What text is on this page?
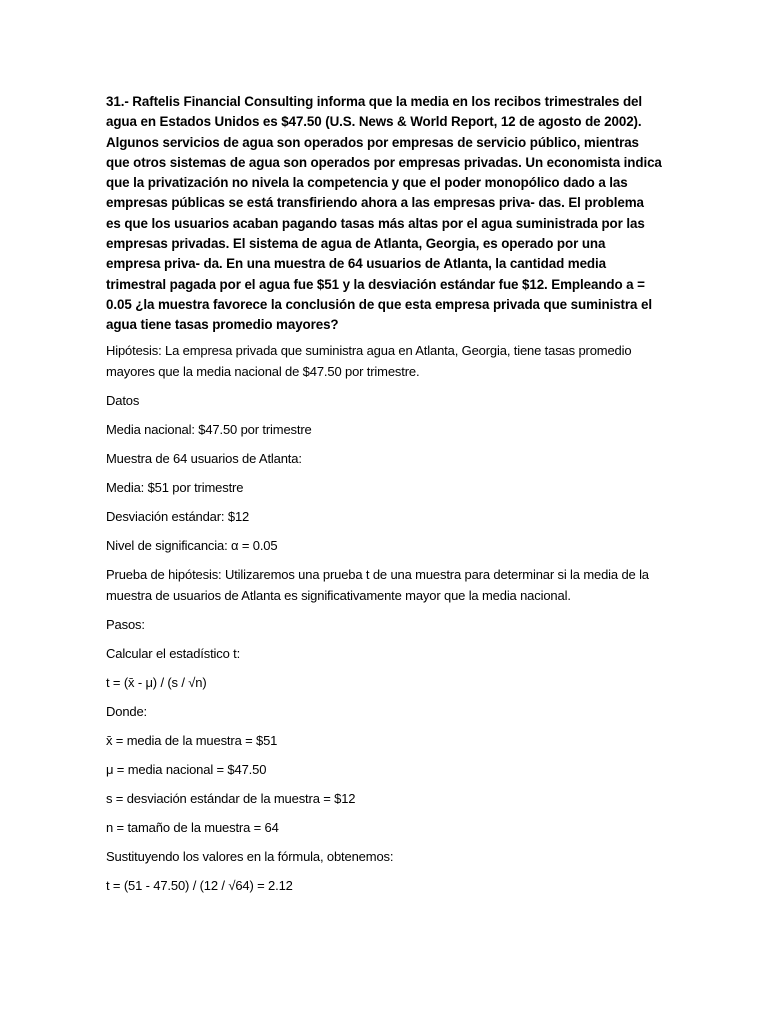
31.- Raftelis Financial Consulting informa que la media en los recibos trimestrales del agua en Estados Unidos es $47.50 (U.S. News & World Report, 12 de agosto de 2002). Algunos servicios de agua son operados por empresas de servicio público, mientras que otros sistemas de agua son operados por empresas privadas. Un economista indica que la privatización no nivela la competencia y que el poder monopólico dado a las empresas públicas se está transfiriendo ahora a las empresas priva- das. El problema es que los usuarios acaban pagando tasas más altas por el agua suministrada por las empresas privadas. El sistema de agua de Atlanta, Georgia, es operado por una empresa priva- da. En una muestra de 64 usuarios de Atlanta, la cantidad media trimestral pagada por el agua fue $51 y la desviación estándar fue $12. Empleando a = 0.05 ¿la muestra favorece la conclusión de que esta empresa privada que suministra el agua tiene tasas promedio mayores?

Hipótesis: La empresa privada que suministra agua en Atlanta, Georgia, tiene tasas promedio mayores que la media nacional de $47.50 por trimestre.

Datos

Media nacional: $47.50 por trimestre

Muestra de 64 usuarios de Atlanta:

Media: $51 por trimestre

Desviación estándar: $12

Nivel de significancia: α = 0.05

Prueba de hipótesis: Utilizaremos una prueba t de una muestra para determinar si la media de la muestra de usuarios de Atlanta es significativamente mayor que la media nacional.

Pasos:

Calcular el estadístico t:

t = (x̄ - μ) / (s / √n)

Donde:

x̄ = media de la muestra = $51

μ = media nacional = $47.50

s = desviación estándar de la muestra = $12

n = tamaño de la muestra = 64

Sustituyendo los valores en la fórmula, obtenemos:

t = (51 - 47.50) / (12 / √64) = 2.12
